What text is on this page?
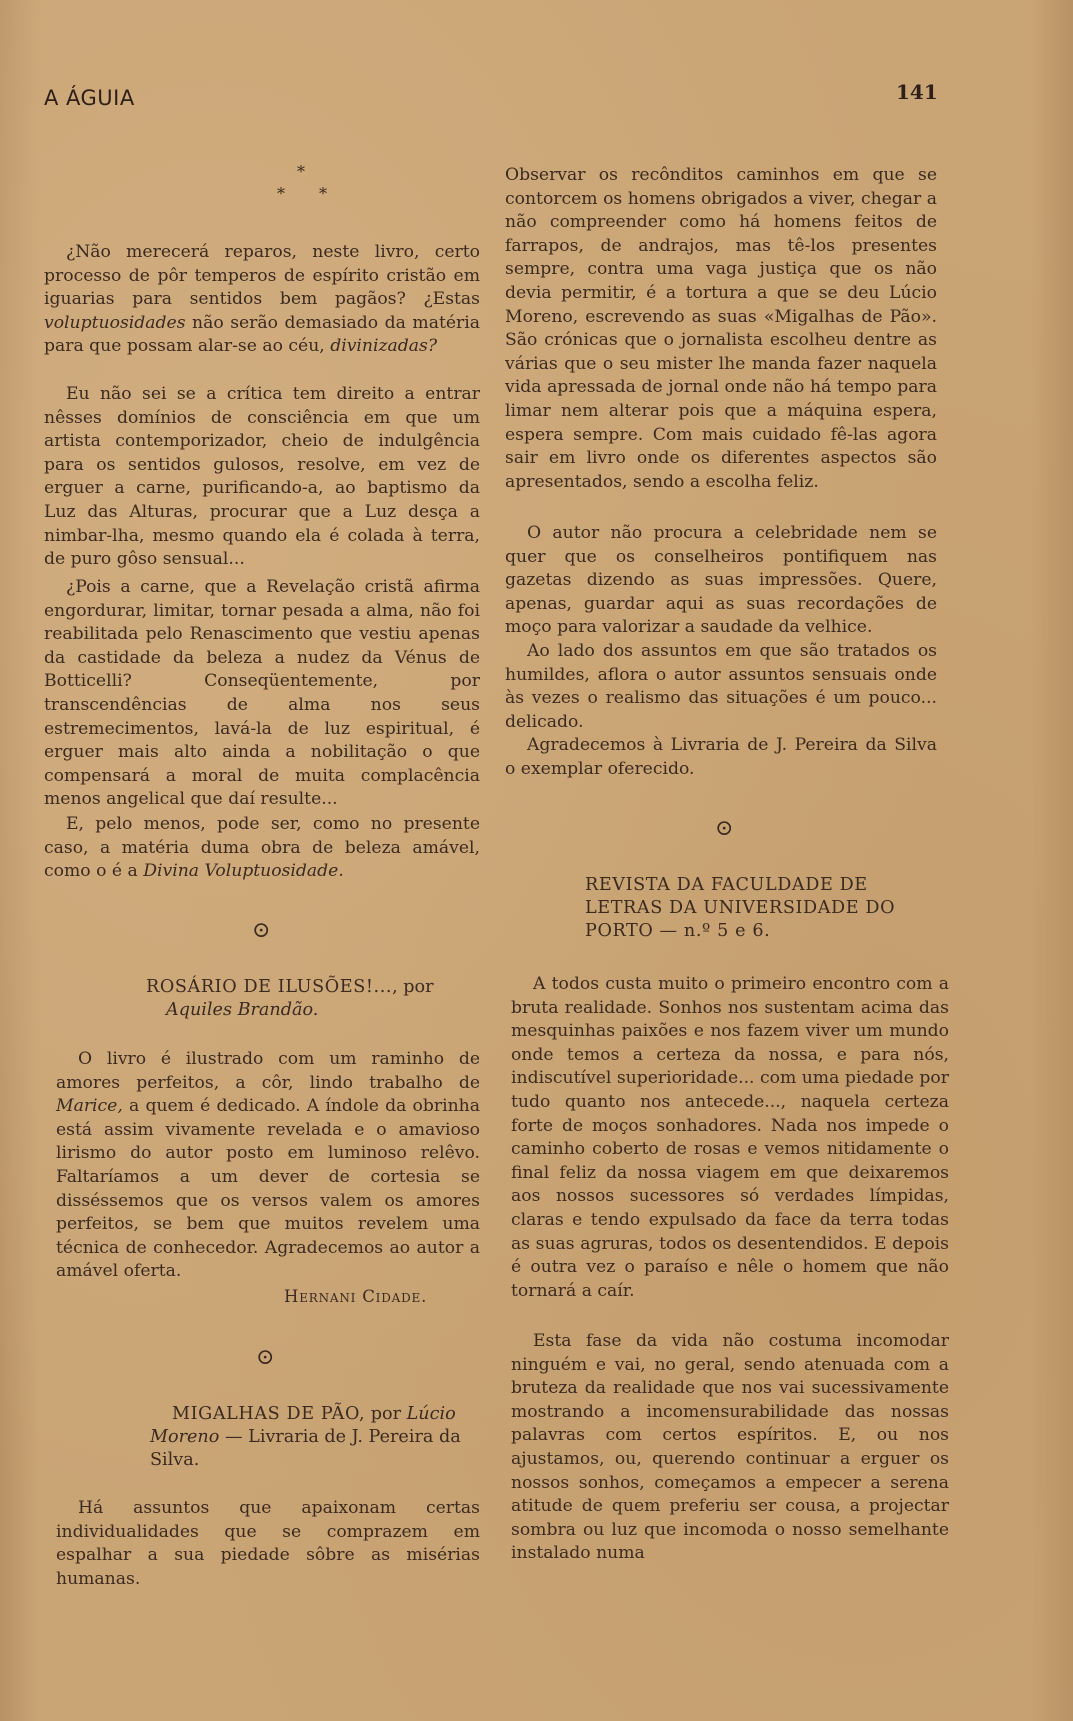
A ÁGUIA	141
*
* *
¿Não merecerá reparos, neste livro, certo processo de pôr temperos de espírito cristão em iguarias para sentidos bem pagãos? ¿Estas voluptuosidades não serão demasiado da matéria para que possam alar-se ao céu, divinizadas?
Eu não sei se a crítica tem direito a entrar nêsses domínios de consciência em que um artista contemporizador, cheio de indulgência para os sentidos gulosos, resolve, em vez de erguer a carne, purificando-a, ao baptismo da Luz das Alturas, procurar que a Luz desça a nimbar-lha, mesmo quando ela é colada à terra, de puro gôso sensual...
¿Pois a carne, que a Revelação cristã afirma engordurar, limitar, tornar pesada a alma, não foi reabilitada pelo Renascimento que vestiu apenas da castidade da beleza a nudez da Vénus de Botticelli? Conseqüentemente, por transcendências de alma nos seus estremecimentos, lavá-la de luz espiritual, é erguer mais alto ainda a nobilitação o que compensará a moral de muita complacência menos angelical que daí resulte...
E, pelo menos, pode ser, como no presente caso, a matéria duma obra de beleza amável, como o é a Divina Voluptuosidade.
⊙
ROSÁRIO DE ILUSÕES!..., por
Aquiles Brandão.
O livro é ilustrado com um raminho de amores perfeitos, a côr, lindo trabalho de Marice, a quem é dedicado. A índole da obrinha está assim vivamente revelada e o amavioso lirismo do autor posto em luminoso relêvo. Faltaríamos a um dever de cortesia se disséssemos que os versos valem os amores perfeitos, se bem que muitos revelem uma técnica de conhecedor. Agradecemos ao autor a amável oferta.
Hernani Cidade.
⊙
MIGALHAS DE PÃO, por Lúcio Moreno — Livraria de J. Pereira da Silva.
Há assuntos que apaixonam certas individualidades que se comprazem em espalhar a sua piedade sôbre as misérias humanas.
Observar os recônditos caminhos em que se contorcem os homens obrigados a viver, chegar a não compreender como há homens feitos de farrapos, de andrajos, mas tê-los presentes sempre, contra uma vaga justiça que os não devia permitir, é a tortura a que se deu Lúcio Moreno, escrevendo as suas «Migalhas de Pão». São crónicas que o jornalista escolheu dentre as várias que o seu mister lhe manda fazer naquela vida apressada de jornal onde não há tempo para limar nem alterar pois que a máquina espera, espera sempre. Com mais cuidado fê-las agora sair em livro onde os diferentes aspectos são apresentados, sendo a escolha feliz.
O autor não procura a celebridade nem se quer que os conselheiros pontifiquem nas gazetas dizendo as suas impressões. Quere, apenas, guardar aqui as suas recordações de moço para valorizar a saudade da velhice.
Ao lado dos assuntos em que são tratados os humildes, aflora o autor assuntos sensuais onde às vezes o realismo das situações é um pouco... delicado.
Agradecemos à Livraria de J. Pereira da Silva o exemplar oferecido.
⊙
REVISTA DA FACULDADE DE LETRAS DA UNIVERSIDADE DO PORTO — n.º 5 e 6.
A todos custa muito o primeiro encontro com a bruta realidade. Sonhos nos sustentam acima das mesquinhas paixões e nos fazem viver um mundo onde temos a certeza da nossa, e para nós, indiscutível superioridade... com uma piedade por tudo quanto nos antecede..., naquela certeza forte de moços sonhadores. Nada nos impede o caminho coberto de rosas e vemos nitidamente o final feliz da nossa viagem em que deixaremos aos nossos sucessores só verdades límpidas, claras e tendo expulsado da face da terra todas as suas agruras, todos os desentendidos. E depois é outra vez o paraíso e nêle o homem que não tornará a caír.
Esta fase da vida não costuma incomodar ninguém e vai, no geral, sendo atenuada com a bruteza da realidade que nos vai sucessivamente mostrando a incomensurabilidade das nossas palavras com certos espíritos. E, ou nos ajustamos, ou, querendo continuar a erguer os nossos sonhos, começamos a empecer a serena atitude de quem preferiu ser cousa, a projectar sombra ou luz que incomoda o nosso semelhante instalado numa
